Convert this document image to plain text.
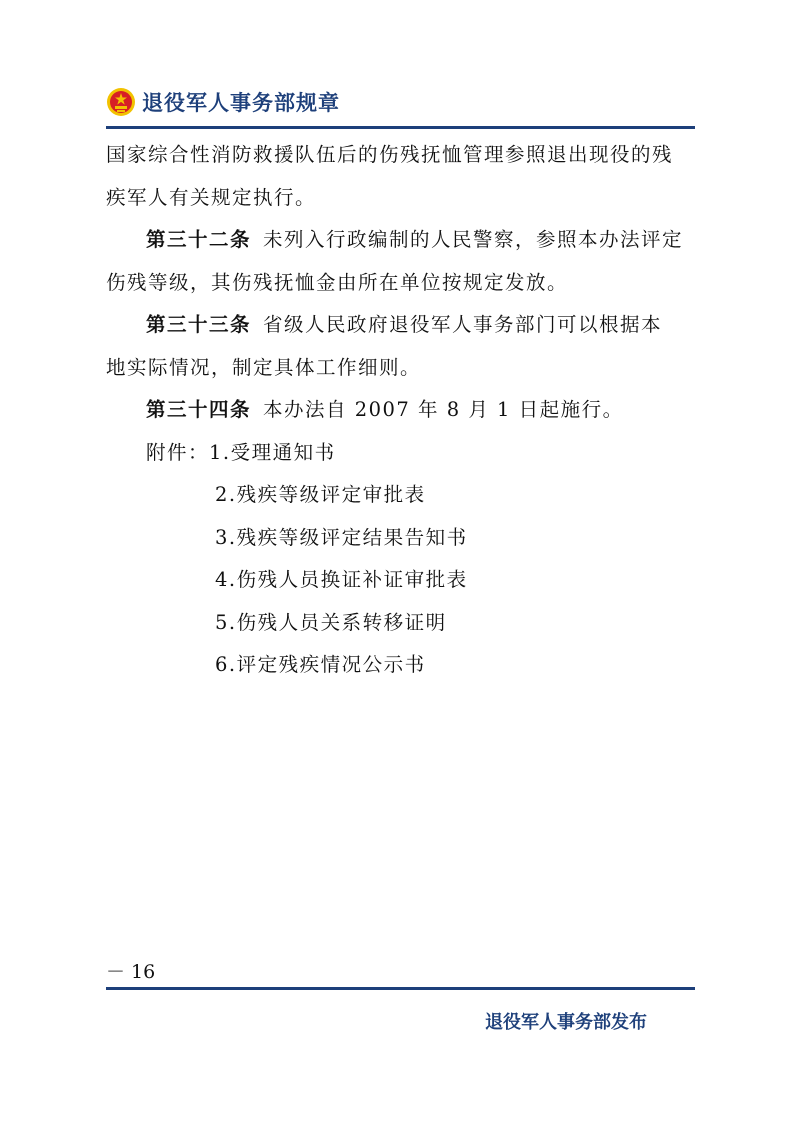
退役军人事务部规章
国家综合性消防救援队伍后的伤残抚恤管理参照退出现役的残
疾军人有关规定执行。
第三十二条 未列入行政编制的人民警察，参照本办法评定
伤残等级，其伤残抚恤金由所在单位按规定发放。
第三十三条 省级人民政府退役军人事务部门可以根据本
地实际情况，制定具体工作细则。
第三十四条 本办法自 2007 年 8 月 1 日起施行。
附件：1.受理通知书
2.残疾等级评定审批表
3.残疾等级评定结果告知书
4.伤残人员换证补证审批表
5.伤残人员关系转移证明
6.评定残疾情况公示书
－ 16
退役军人事务部发布
